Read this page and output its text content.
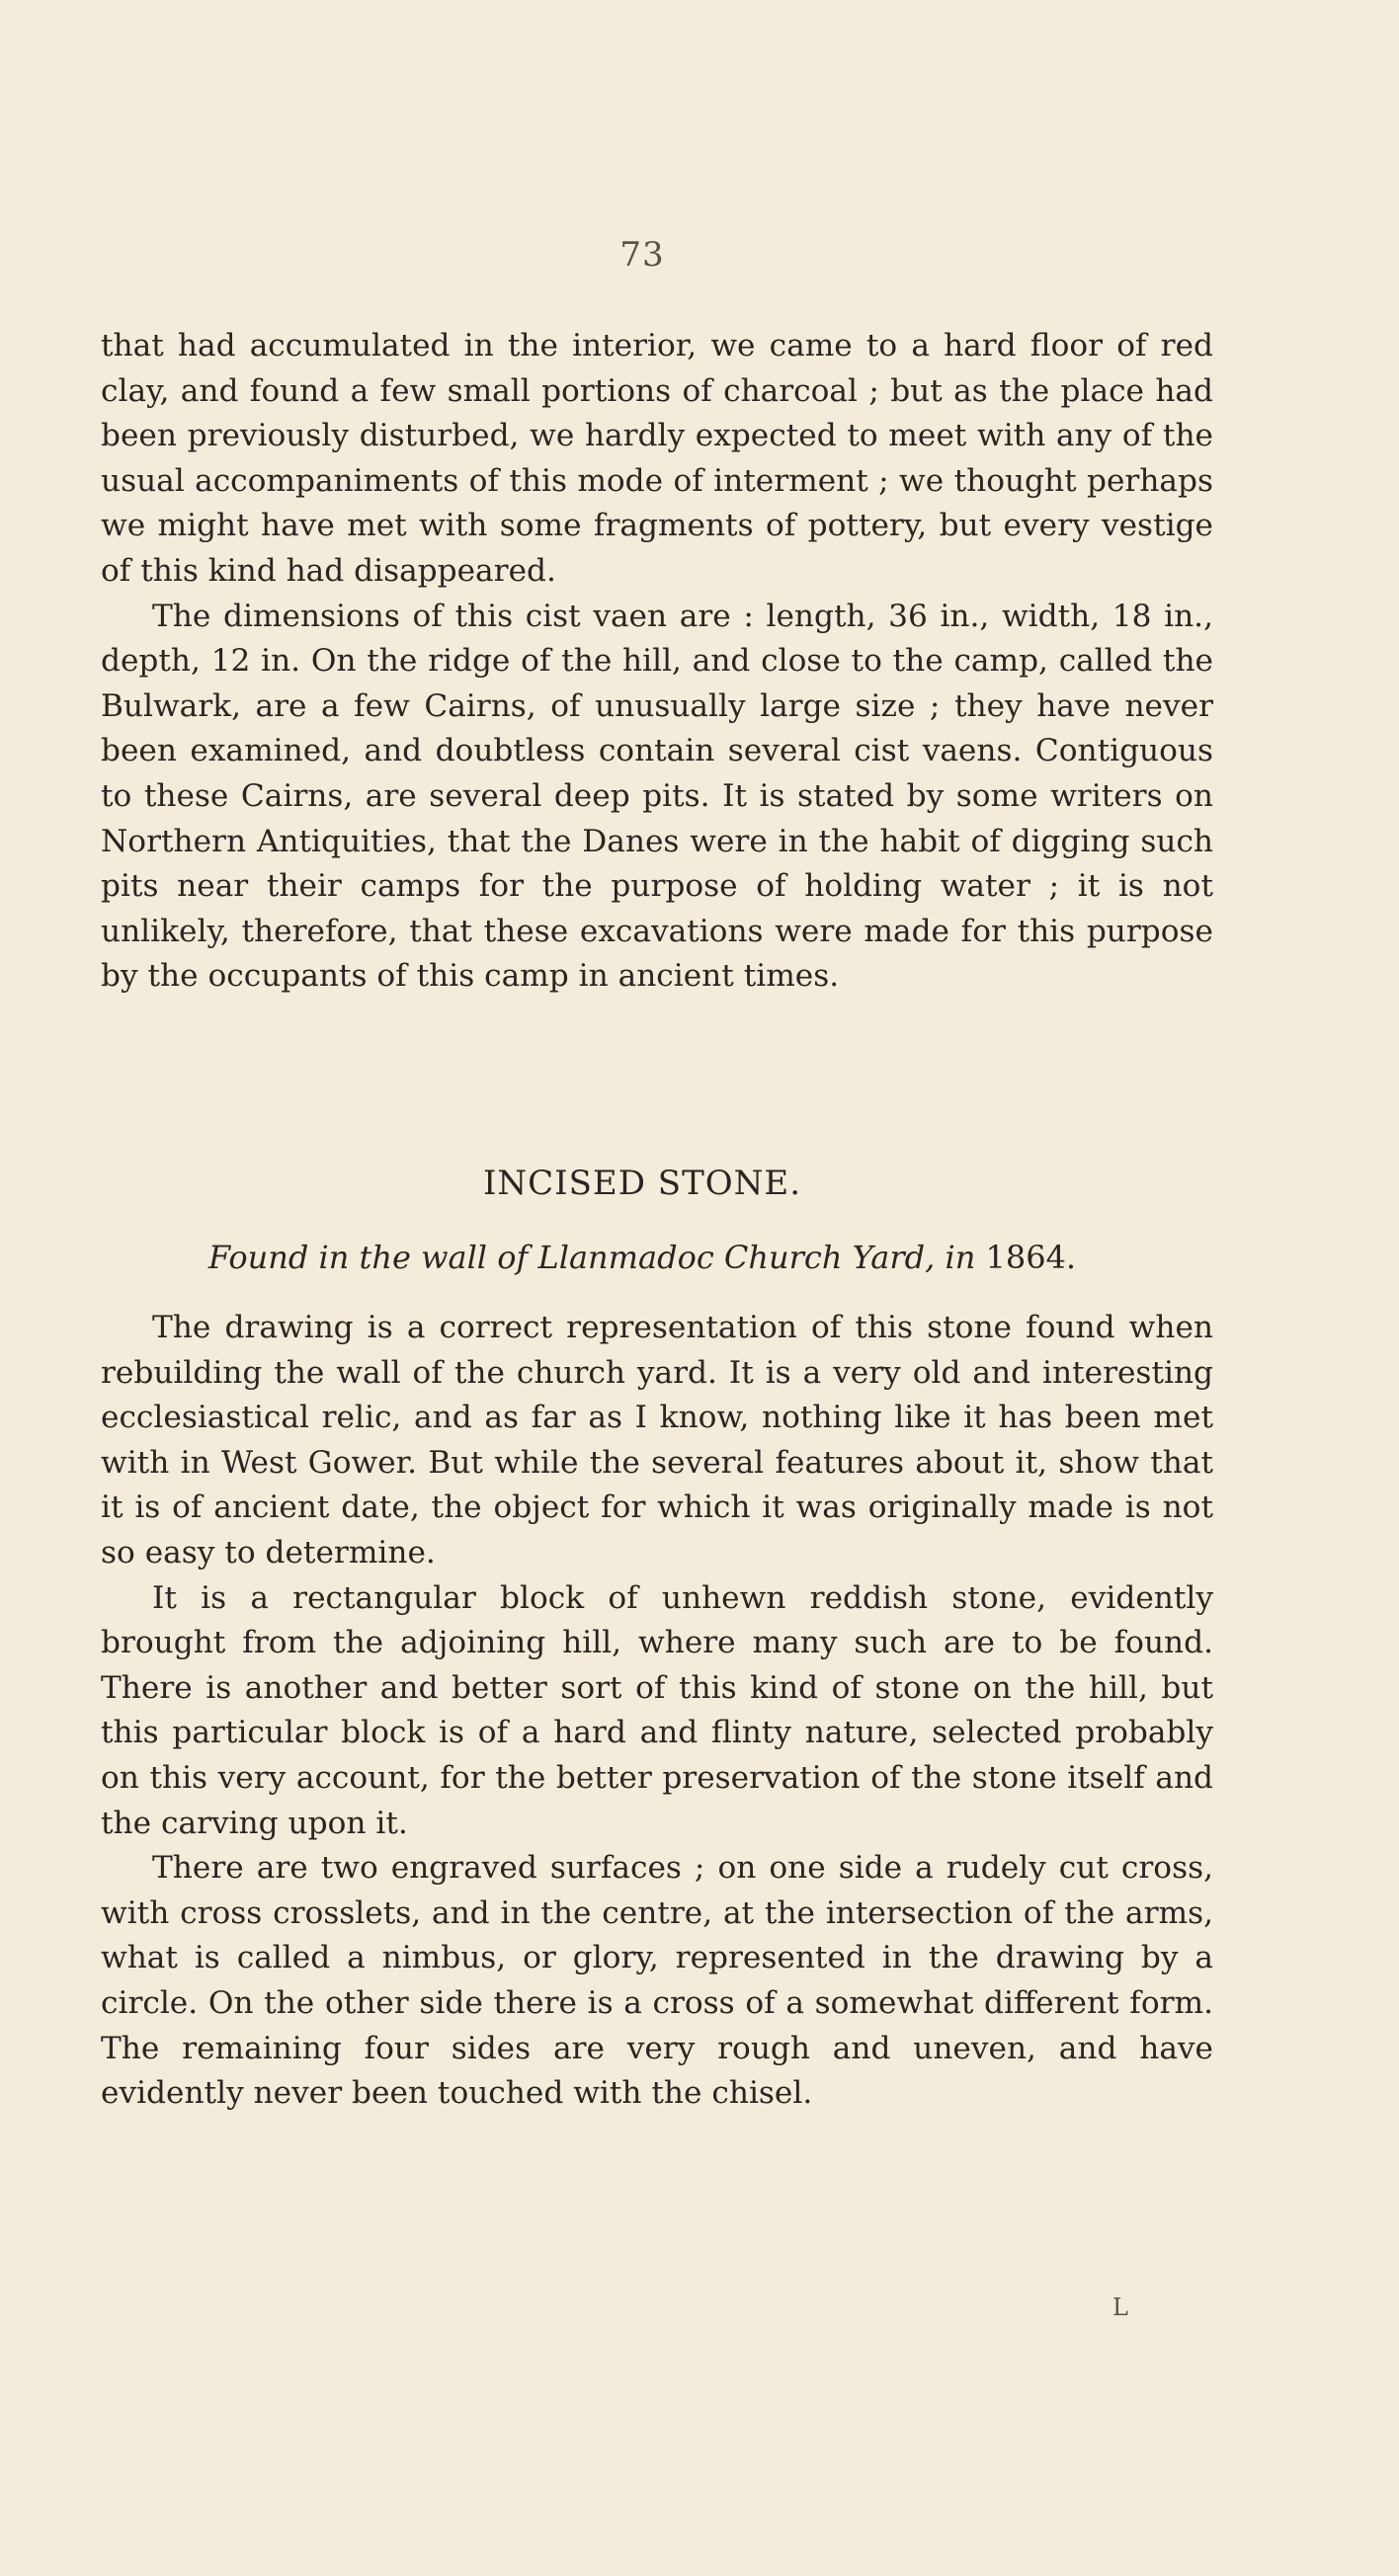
73

that had accumulated in the interior, we came to a hard floor of red clay, and found a few small portions of charcoal ; but as the place had been previously disturbed, we hardly expected to meet with any of the usual accompaniments of this mode of interment ; we thought perhaps we might have met with some fragments of pottery, but every vestige of this kind had disappeared.

The dimensions of this cist vaen are : length, 36 in., width, 18 in., depth, 12 in. On the ridge of the hill, and close to the camp, called the Bulwark, are a few Cairns, of unusually large size ; they have never been examined, and doubtless contain several cist vaens. Contiguous to these Cairns, are several deep pits. It is stated by some writers on Northern Antiquities, that the Danes were in the habit of digging such pits near their camps for the purpose of holding water ; it is not unlikely, therefore, that these excavations were made for this purpose by the occupants of this camp in ancient times.

INCISED STONE.
Found in the wall of Llanmadoc Church Yard, in 1864.

The drawing is a correct representation of this stone found when rebuilding the wall of the church yard. It is a very old and interesting ecclesiastical relic, and as far as I know, nothing like it has been met with in West Gower. But while the several features about it, show that it is of ancient date, the object for which it was originally made is not so easy to determine.

It is a rectangular block of unhewn reddish stone, evidently brought from the adjoining hill, where many such are to be found. There is another and better sort of this kind of stone on the hill, but this particular block is of a hard and flinty nature, selected probably on this very account, for the better preservation of the stone itself and the carving upon it.

There are two engraved surfaces ; on one side a rudely cut cross, with cross crosslets, and in the centre, at the intersection of the arms, what is called a nimbus, or glory, represented in the drawing by a circle. On the other side there is a cross of a somewhat different form. The remaining four sides are very rough and uneven, and have evidently never been touched with the chisel.

L
